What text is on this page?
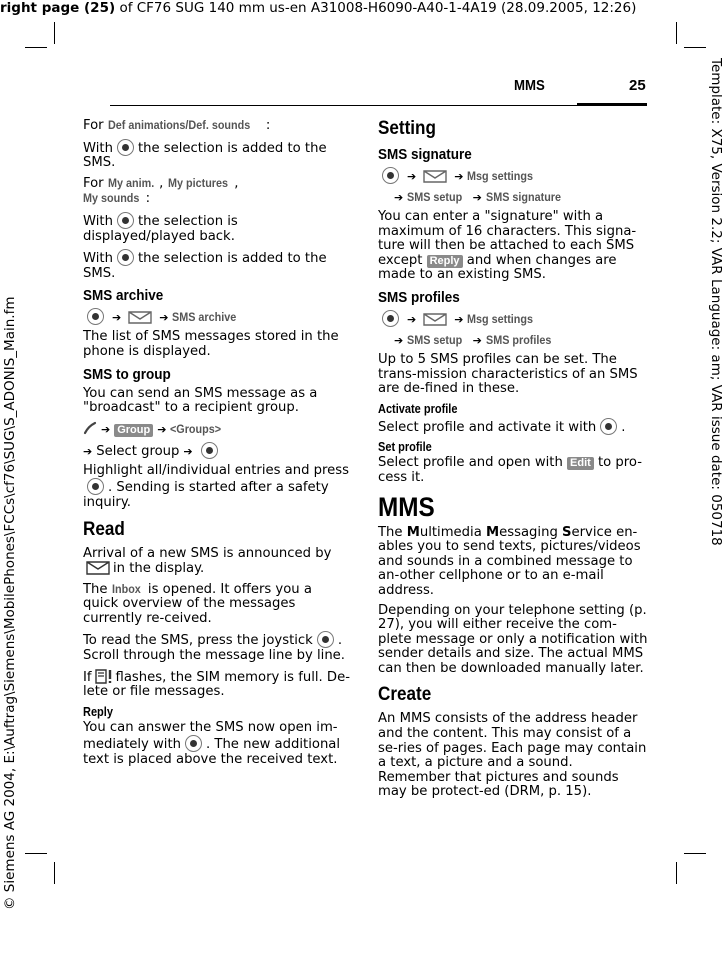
right page (25) of CF76 SUG 140 mm us-en A31008-H6090-A40-1-4A19 (28.09.2005, 12:26)
© Siemens AG 2004, E:\Auftrag\Siemens\MobilePhones\FCCs\cf76\SUG\S_ADONIS_Main.fm	Template: X75, Version 2.2; VAR Language: am; VAR issue date: 050718
MMS	25

For Def animations/Def. sounds :

With the selection is added to the SMS.

For My anim. , My pictures ,
My sounds :

With the selection is displayed/played back.

With the selection is added to the SMS.

SMS archive
➔	➔ SMS archive

The list of SMS messages stored in the phone is displayed.

SMS to group

You can send an SMS message as a "broadcast" to a recipient group.

➔ Group ➔ <Groups>
➔ Select group ➔

Highlight all/individual entries and press. Sending is started after a safety inquiry.

Read

Arrival of a new SMS is announced by
in the display.

The Inbox is opened. It offers you a quick overview of the messages currently re-ceived.

To read the SMS, press the joystick . Scroll through the message line by line.

If flashes, the SIM memory is full. De-lete or file messages.

Reply

You can answer the SMS now open im-mediately with . The new additional text is placed above the received text.

Setting
SMS signature
➔	➔ Msg settings
➔ SMS setup ➔ SMS signature

You can enter a "signature" with a maximum of 16 characters. This signa-ture will then be attached to each SMS except Reply and when changes are made to an existing SMS.

SMS profiles
➔	➔ Msg settings
➔ SMS setup ➔ SMS profiles

Up to 5 SMS profiles can be set. The trans-mission characteristics of an SMS are de-fined in these.

Activate profile

Select profile and activate it with .

Set profile

Select profile and open with Edit to pro-cess it.

MMS

The Multimedia Messaging Service en-ables you to send texts, pictures/videos and sounds in a combined message to an-other cellphone or to an e-mail address.

Depending on your telephone setting (p. 27), you will either receive the com-plete message or only a notification with sender details and size. The actual MMS can then be downloaded manually later.

Create

An MMS consists of the address header and the content. This may consist of a se-ries of pages. Each page may contain a text, a picture and a sound. Remember that pictures and sounds may be protect-ed (DRM, p. 15).
